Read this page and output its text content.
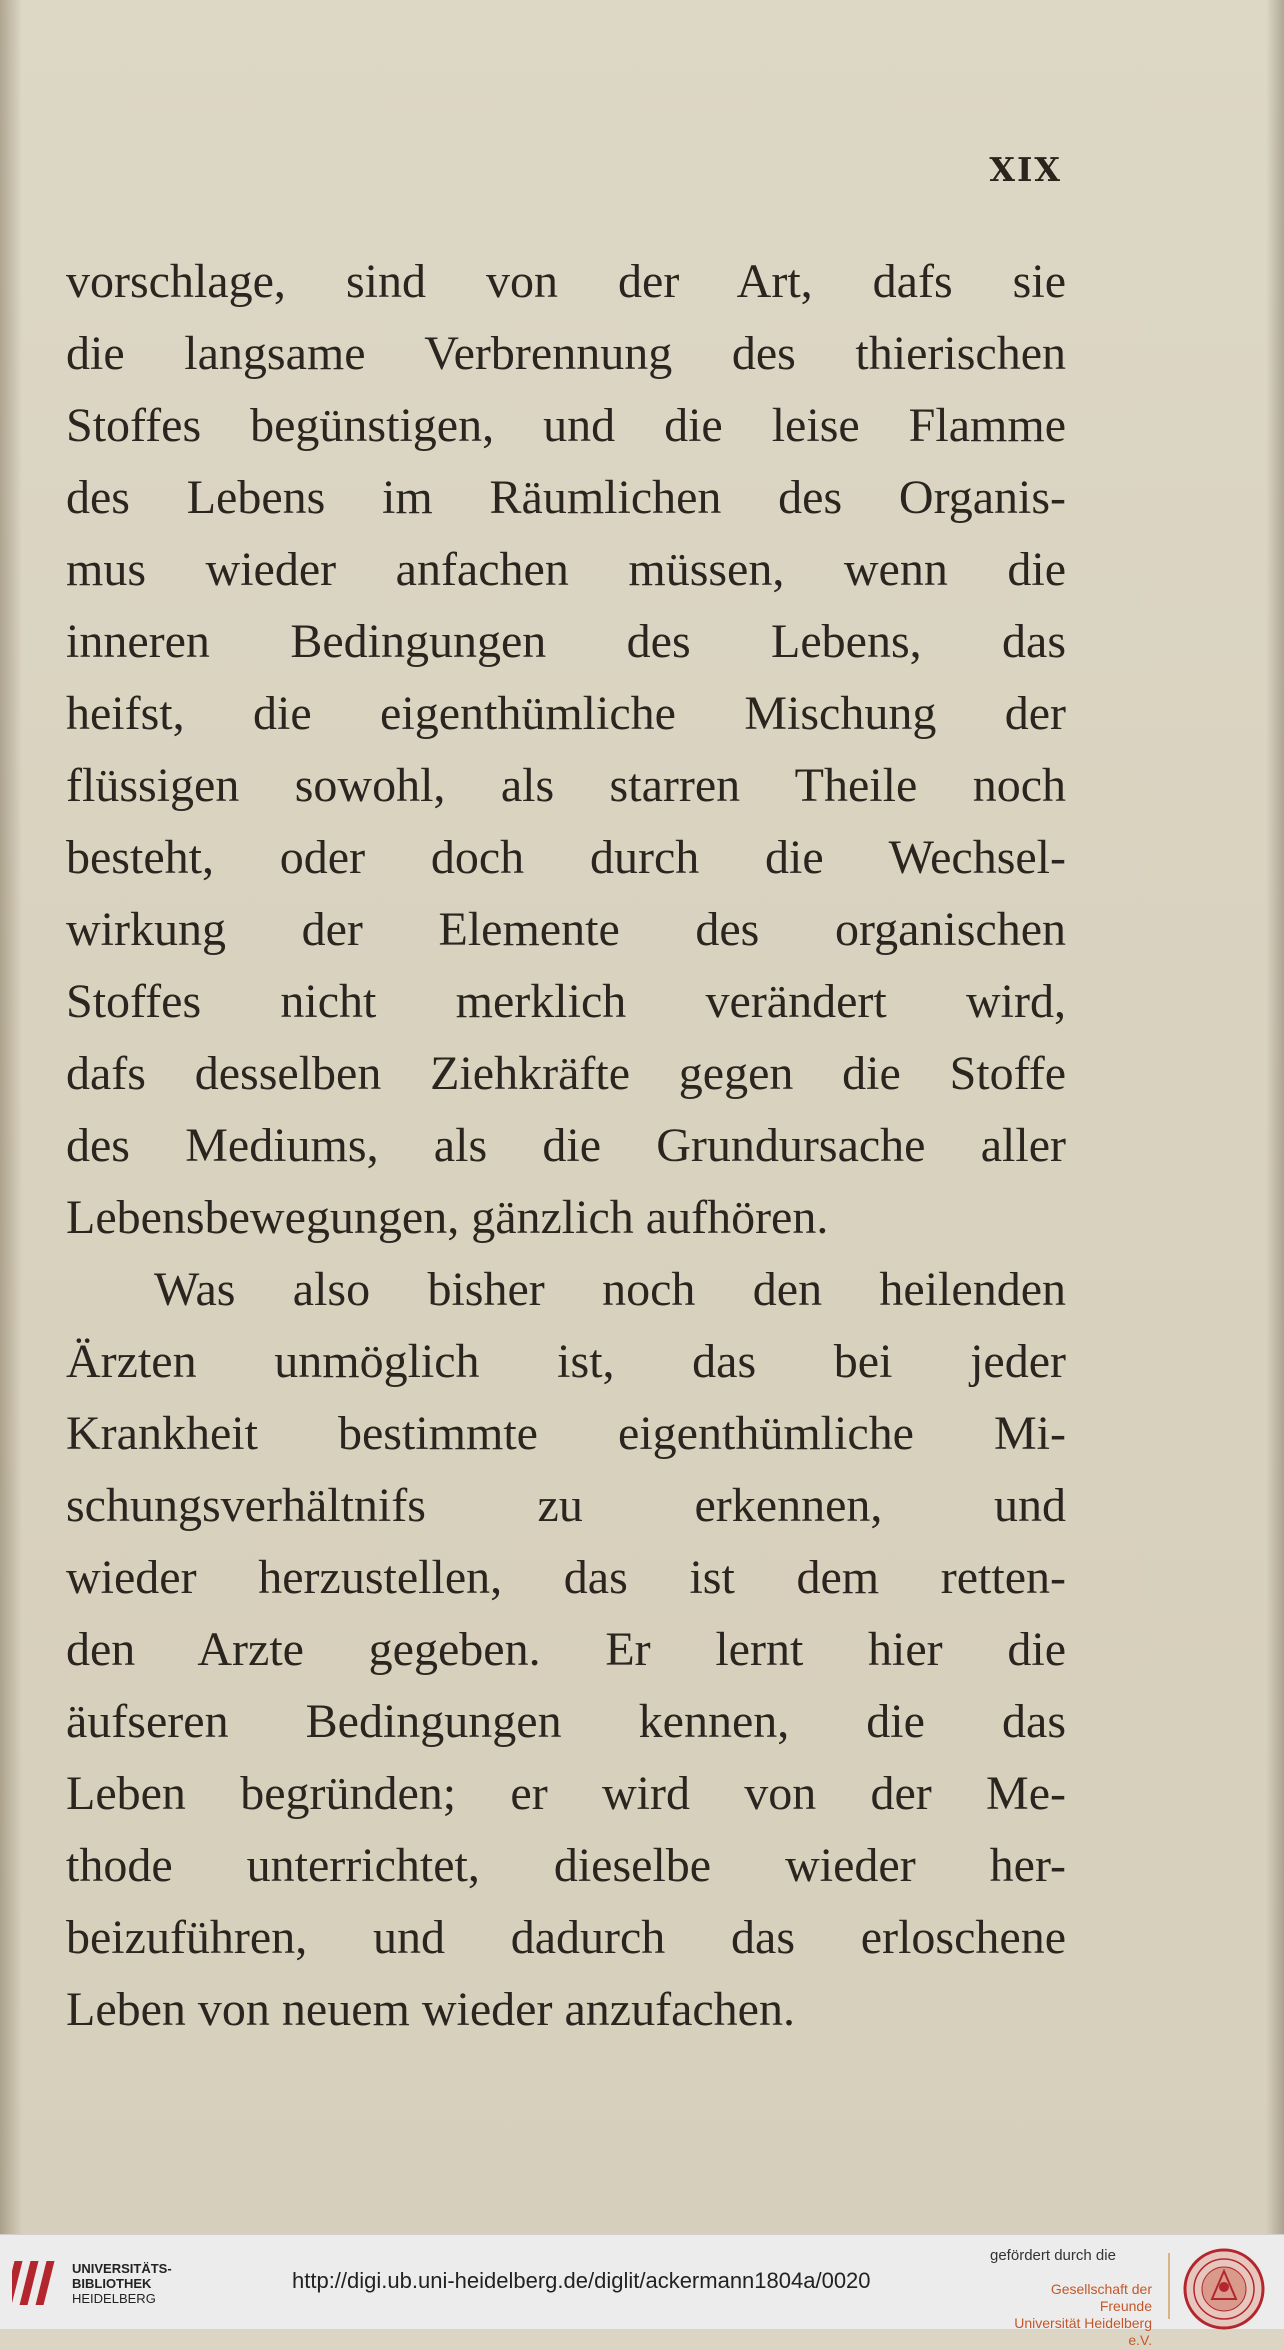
XIX
vorschlage, sind von der Art, dafs sie
die langsame Verbrennung des thierischen
Stoffes begünstigen, und die leise Flamme
des Lebens im Räumlichen des Organis-
mus wieder anfachen müssen, wenn die
inneren Bedingungen des Lebens, das
heifst, die eigenthümliche Mischung der
flüssigen sowohl, als starren Theile noch
besteht, oder doch durch die Wechsel-
wirkung der Elemente des organischen
Stoffes nicht merklich verändert wird,
dafs desselben Ziehkräfte gegen die Stoffe
des Mediums, als die Grundursache aller
Lebensbewegungen, gänzlich aufhören.
Was also bisher noch den heilenden
Ärzten unmöglich ist, das bei jeder
Krankheit bestimmte eigenthümliche Mi-
schungsverhältnifs zu erkennen, und
wieder herzustellen, das ist dem retten-
den Arzte gegeben. Er lernt hier die
äufseren Bedingungen kennen, die das
Leben begründen; er wird von der Me-
thode unterrichtet, dieselbe wieder her-
beizuführen, und dadurch das erloschene
Leben von neuem wieder anzufachen.
UNIVERSITÄTS-
BIBLIOTHEK
HEIDELBERG
http://digi.ub.uni-heidelberg.de/diglit/ackermann1804a/0020
gefördert durch die
Gesellschaft der Freunde
Universität Heidelberg e.V.
